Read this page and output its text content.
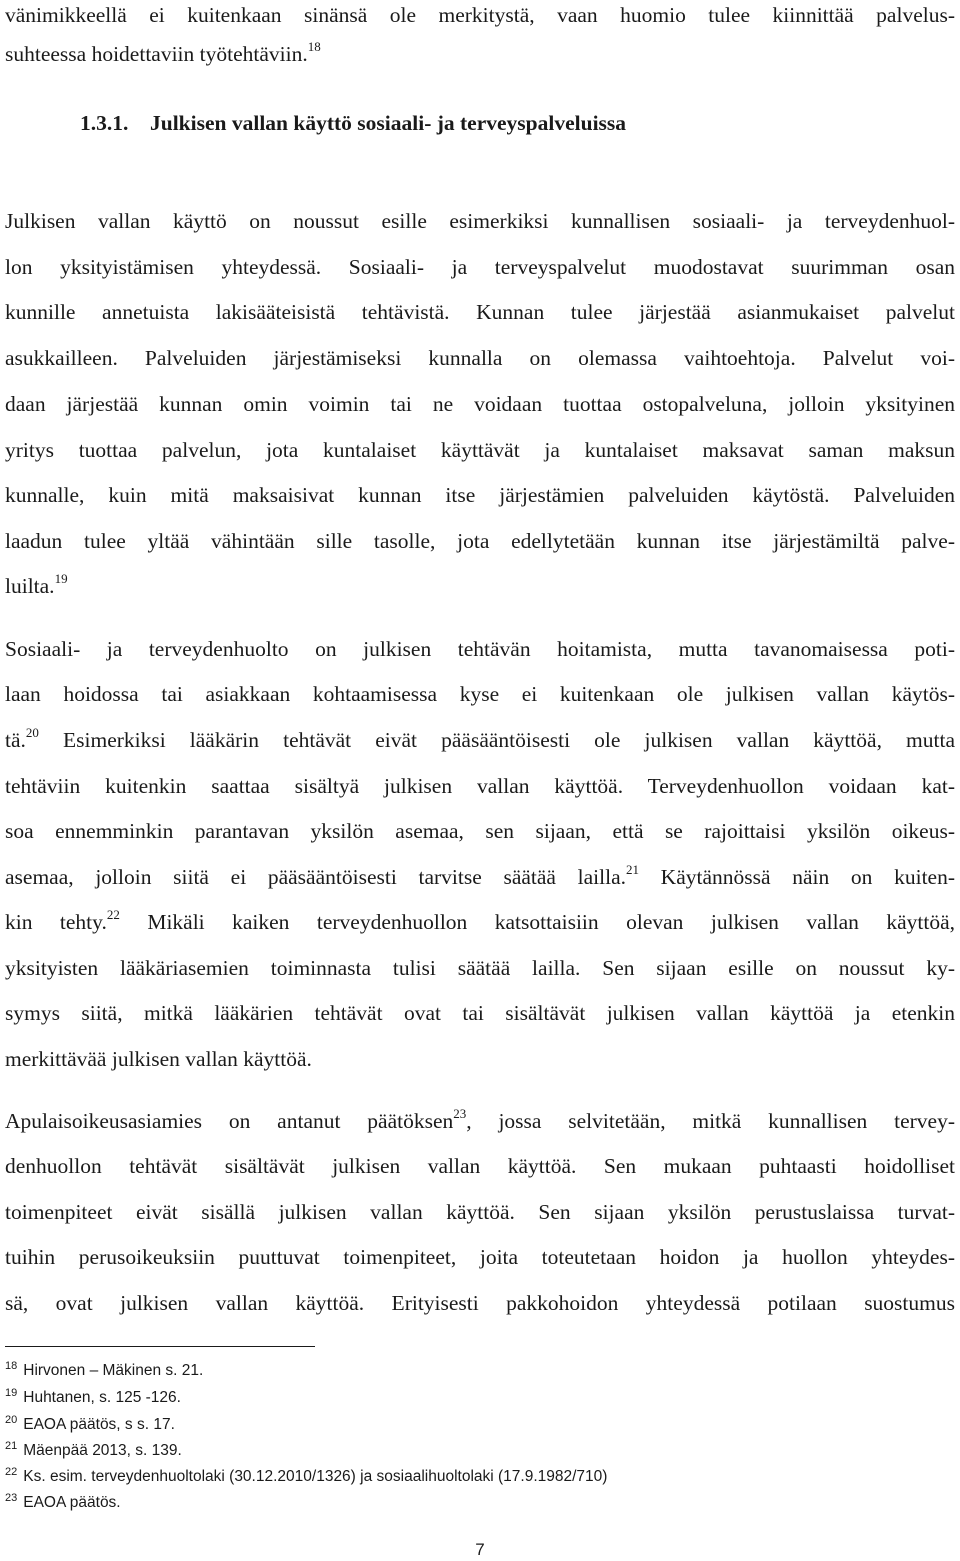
vänimikkeellä ei kuitenkaan sinänsä ole merkitystä, vaan huomio tulee kiinnittää palvelus-
suhteessa hoidettaviin työtehtäviin.$^{18}$
1.3.1. Julkisen vallan käyttö sosiaali- ja terveyspalveluissa
Julkisen vallan käyttö on noussut esille esimerkiksi kunnallisen sosiaali- ja terveydenhuol-
lon yksityistämisen yhteydessä. Sosiaali- ja terveyspalvelut muodostavat suurimman osan
kunnille annetuista lakisääteisistä tehtävistä. Kunnan tulee järjestää asianmukaiset palvelut
asukkailleen. Palveluiden järjestämiseksi kunnalla on olemassa vaihtoehtoja. Palvelut voi-
daan järjestää kunnan omin voimin tai ne voidaan tuottaa ostopalveluna, jolloin yksityinen
yritys tuottaa palvelun, jota kuntalaiset käyttävät ja kuntalaiset maksavat saman maksun
kunnalle, kuin mitä maksaisivat kunnan itse järjestämien palveluiden käytöstä. Palveluiden
laadun tulee yltää vähintään sille tasolle, jota edellytetään kunnan itse järjestämiltä palve-
luilta.$^{19}$
Sosiaali- ja terveydenhuolto on julkisen tehtävän hoitamista, mutta tavanomaisessa poti-
laan hoidossa tai asiakkaan kohtaamisessa kyse ei kuitenkaan ole julkisen vallan käytös-
tä.$^{20}$ Esimerkiksi lääkärin tehtävät eivät pääsääntöisesti ole julkisen vallan käyttöä, mutta
tehtäviin kuitenkin saattaa sisältyä julkisen vallan käyttöä. Terveydenhuollon voidaan kat-
soa ennemminkin parantavan yksilön asemaa, sen sijaan, että se rajoittaisi yksilön oikeus-
asemaa, jolloin siitä ei pääsääntöisesti tarvitse säätää lailla.$^{21}$ Käytännössä näin on kuiten-
kin tehty.$^{22}$ Mikäli kaiken terveydenhuollon katsottaisiin olevan julkisen vallan käyttöä,
yksityisten lääkäriasemien toiminnasta tulisi säätää lailla. Sen sijaan esille on noussut ky-
symys siitä, mitkä lääkärien tehtävät ovat tai sisältävät julkisen vallan käyttöä ja etenkin
merkittävää julkisen vallan käyttöä.
Apulaisoikeusasiamies on antanut päätöksen$^{23}$, jossa selvitetään, mitkä kunnallisen tervey-
denhuollon tehtävät sisältävät julkisen vallan käyttöä. Sen mukaan puhtaasti hoidolliset
toimenpiteet eivät sisällä julkisen vallan käyttöä. Sen sijaan yksilön perustuslaissa turvat-
tuihin perusoikeuksiin puuttuvat toimenpiteet, joita toteutetaan hoidon ja huollon yhteydes-
sä, ovat julkisen vallan käyttöä. Erityisesti pakkohoidon yhteydessä potilaan suostumus
$^{18}$ Hirvonen – Mäkinen s. 21.
$^{19}$ Huhtanen, s. 125 -126.
$^{20}$ EAOA päätös, s s. 17.
$^{21}$ Mäenpää 2013, s. 139.
$^{22}$ Ks. esim. terveydenhuoltolaki (30.12.2010/1326) ja sosiaalihuoltolaki (17.9.1982/710)
$^{23}$ EAOA päätös.
7
